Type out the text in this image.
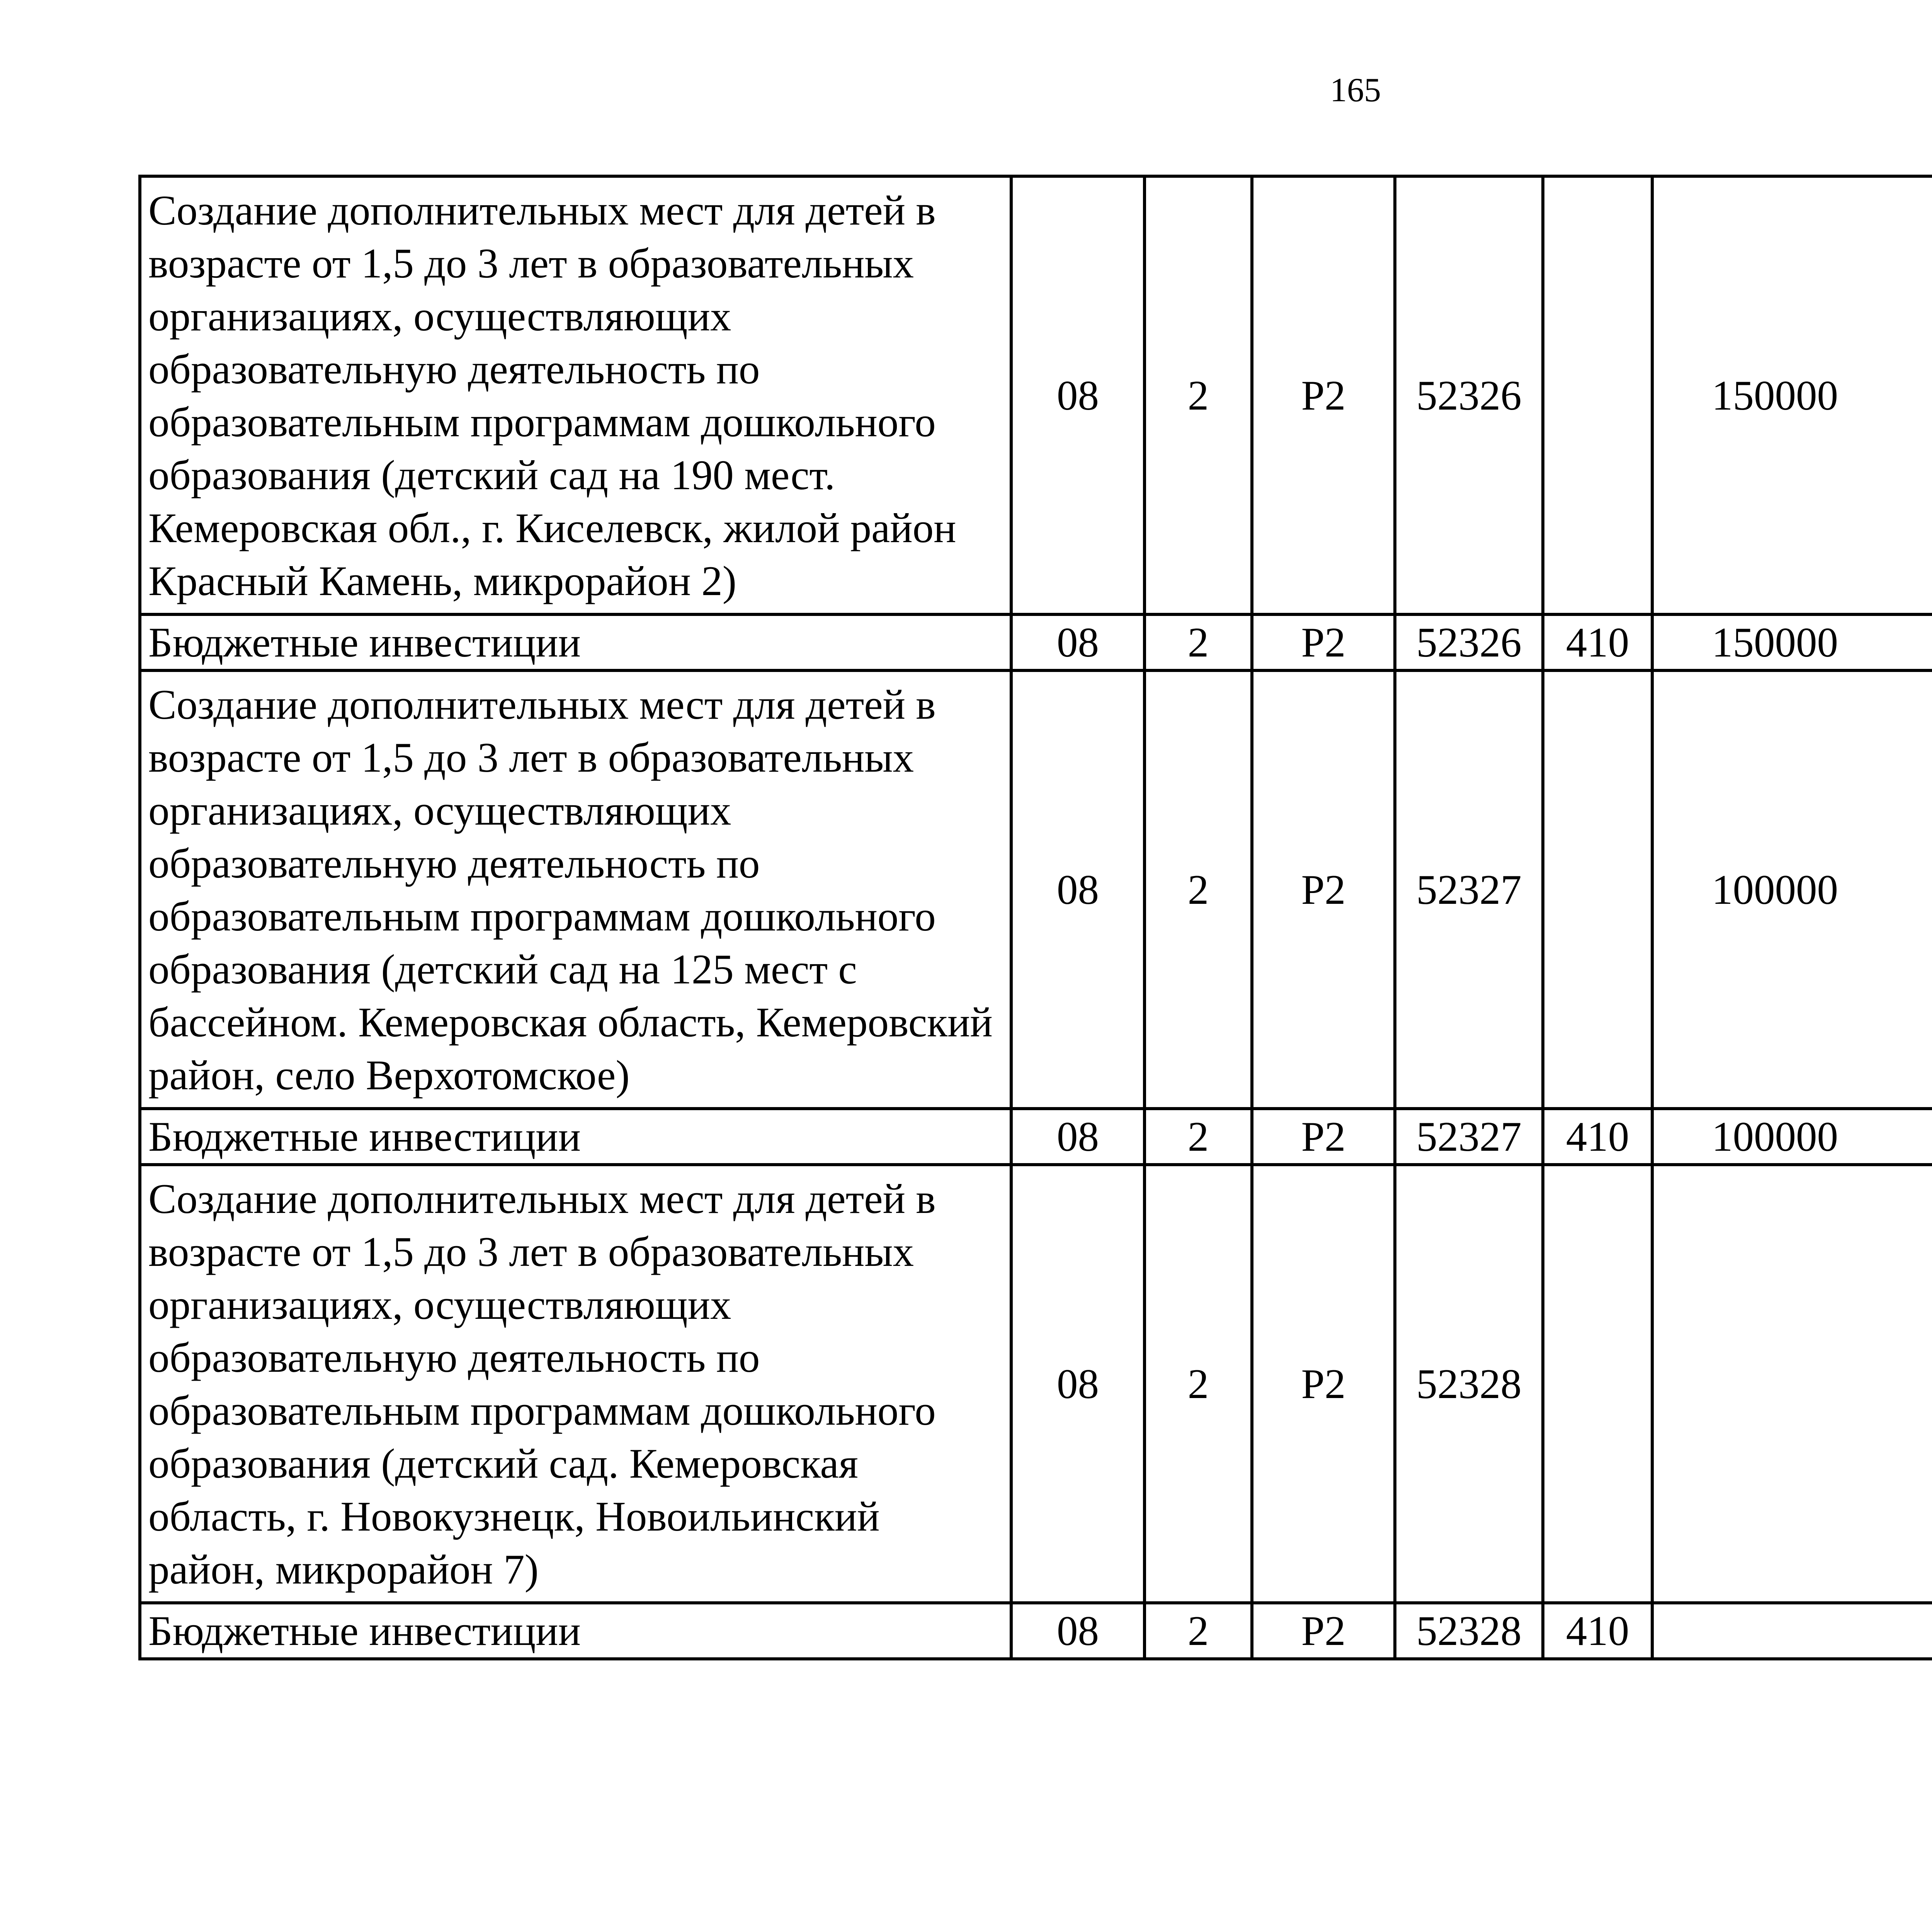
165
Создание дополнительных мест для детей в возрасте от 1,5 до 3 лет в образовательных организациях, осуществляющих образовательную деятельность по образовательным программам дошкольного образования (детский сад на 190 мест. Кемеровская обл., г. Киселевск, жилой район Красный Камень, микрорайон 2)	08	2	P2	52326		150000		
Бюджетные инвестиции	08	2	P2	52326	410	150000		
Создание дополнительных мест для детей в возрасте от 1,5 до 3 лет в образовательных организациях, осуществляющих образовательную деятельность по образовательным программам дошкольного образования (детский сад на 125 мест с бассейном. Кемеровская область, Кемеровский район, село Верхотомское)	08	2	P2	52327		100000		
Бюджетные инвестиции	08	2	P2	52327	410	100000		
Создание дополнительных мест для детей в возрасте от 1,5 до 3 лет в образовательных организациях, осуществляющих образовательную деятельность по образовательным программам дошкольного образования (детский сад. Кемеровская область, г. Новокузнецк, Новоильинский район, микрорайон 7)	08	2	P2	52328				
Бюджетные инвестиции	08	2	P2	52328	410			
